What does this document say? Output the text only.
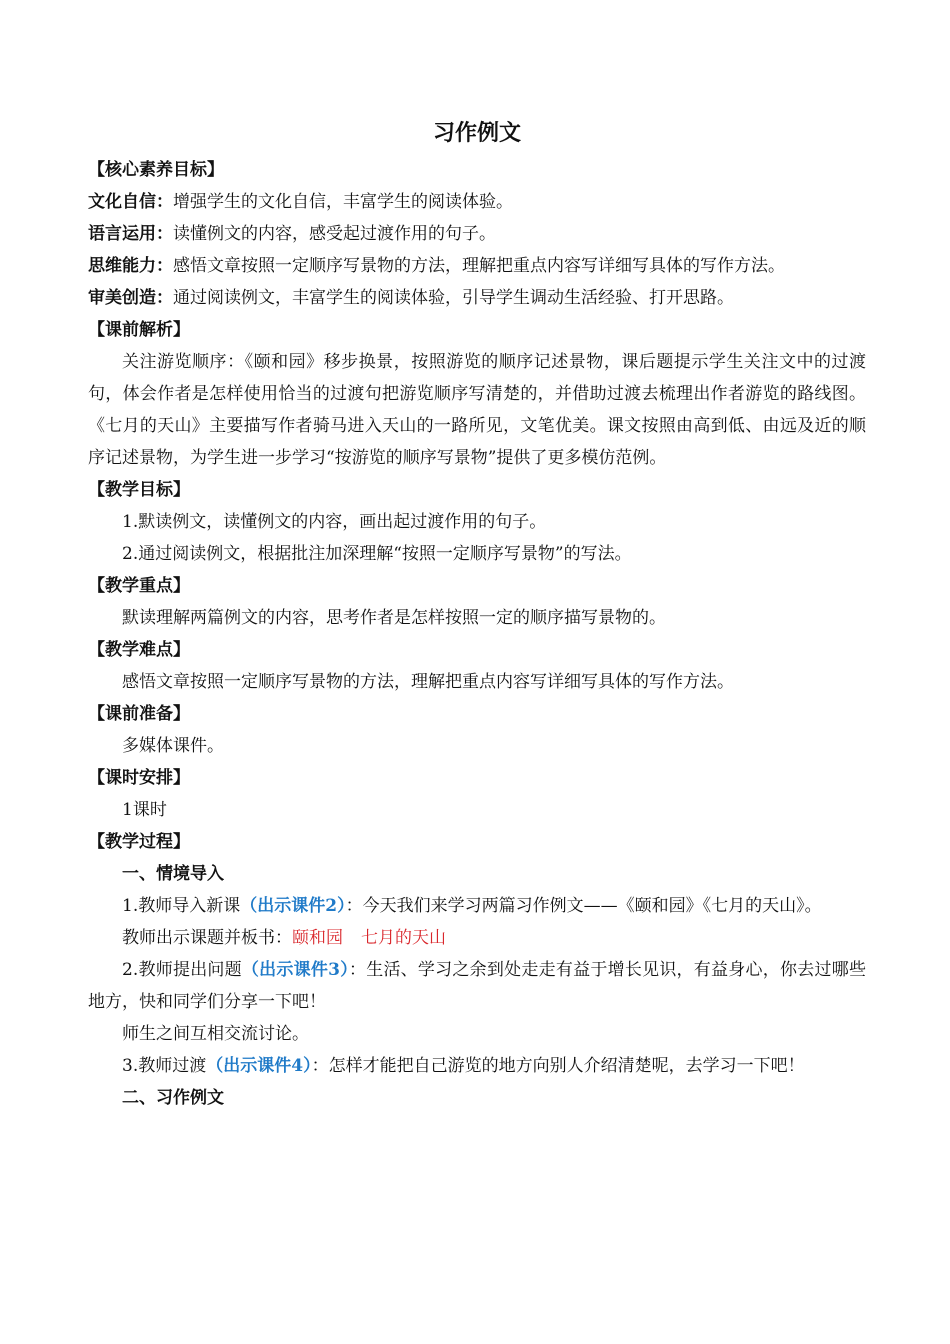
习作例文
【核心素养目标】
文化自信：增强学生的文化自信，丰富学生的阅读体验。
语言运用：读懂例文的内容，感受起过渡作用的句子。
思维能力：感悟文章按照一定顺序写景物的方法，理解把重点内容写详细写具体的写作方法。
审美创造：通过阅读例文，丰富学生的阅读体验，引导学生调动生活经验、打开思路。
【课前解析】
关注游览顺序：《颐和园》移步换景，按照游览的顺序记述景物，课后题提示学生关注文中的过渡句，体会作者是怎样使用恰当的过渡句把游览顺序写清楚的，并借助过渡去梳理出作者游览的路线图。《七月的天山》主要描写作者骑马进入天山的一路所见，文笔优美。课文按照由高到低、由远及近的顺序记述景物，为学生进一步学习“按游览的顺序写景物”提供了更多模仿范例。
【教学目标】
1.默读例文，读懂例文的内容，画出起过渡作用的句子。
2.通过阅读例文，根据批注加深理解“按照一定顺序写景物”的写法。
【教学重点】
默读理解两篇例文的内容，思考作者是怎样按照一定的顺序描写景物的。
【教学难点】
感悟文章按照一定顺序写景物的方法，理解把重点内容写详细写具体的写作方法。
【课前准备】
多媒体课件。
【课时安排】
1课时
【教学过程】
一、情境导入
1.教师导入新课（出示课件2）：今天我们来学习两篇习作例文——《颐和园》《七月的天山》。
教师出示课题并板书：颐和园 七月的天山
2.教师提出问题（出示课件3）：生活、学习之余到处走走有益于增长见识，有益身心，你去过哪些地方，快和同学们分享一下吧！
师生之间互相交流讨论。
3.教师过渡（出示课件4）：怎样才能把自己游览的地方向别人介绍清楚呢，去学习一下吧！
二、习作例文
